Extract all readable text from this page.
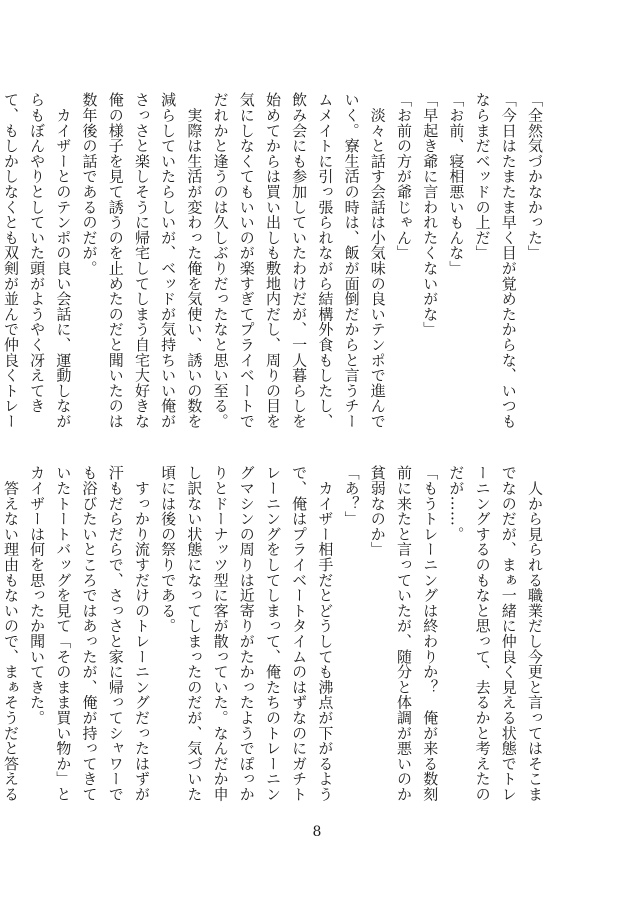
「全然気づかなかった」

「今日はたまたま早く目が覚めたからな、いつもならまだベッドの上だ」

「お前、寝相悪いもんな」

「早起き爺に言われたくないがな」

「お前の方が爺じゃん」

　淡々と話す会話は小気味の良いテンポで進んでいく。寮生活の時は、飯が面倒だからと言うチームメイトに引っ張られながら結構外食もしたし、飲み会にも参加していたわけだが、一人暮らしを始めてからは買い出しも敷地内だし、周りの目を気にしなくてもいいのが楽すぎてプライベートでだれかと逢うのは久しぶりだったなと思い至る。

　実際は生活が変わった俺を気使い、誘いの数を減らしていたらしいが、ベッドが気持ちいい俺がさっさと楽しそうに帰宅してしまう自宅大好きな俺の様子を見て誘うのを止めたのだと聞いたのは数年後の話であるのだが。

　カイザーとのテンポの良い会話に、運動しながらもぼんやりとしていた頭がようやく冴えてきて、もしかしなくとも双剣が並んで仲良くトレー

　人から見られる職業だし今更と言ってはそこまでなのだが、まぁ一緒に仲良く見える状態でトレーニングするのもなと思って、去るかと考えたのだが……。

「もうトレーニングは終わりか？　俺が来る数刻前に来たと言っていたが、随分と体調が悪いのか貧弱なのか」

「あ？」

　カイザー相手だとどうしても沸点が下がるようで、俺はプライベートタイムのはずなのにガチトレーニングをしてしまって、俺たちのトレーニングマシンの周りは近寄りがたかったようでぽっかりとドーナッツ型に客が散っていた。なんだか申し訳ない状態になってしまったのだが、気づいた頃には後の祭りである。

　すっかり流すだけのトレーニングだったはずが汗もだらだらで、さっさと家に帰ってシャワーでも浴びたいところではあったが、俺が持ってきていたトートバッグを見て「そのまま買い物か」とカイザーは何を思ったか聞いてきた。

　答えない理由もないので、まぁそうだと答える

8
